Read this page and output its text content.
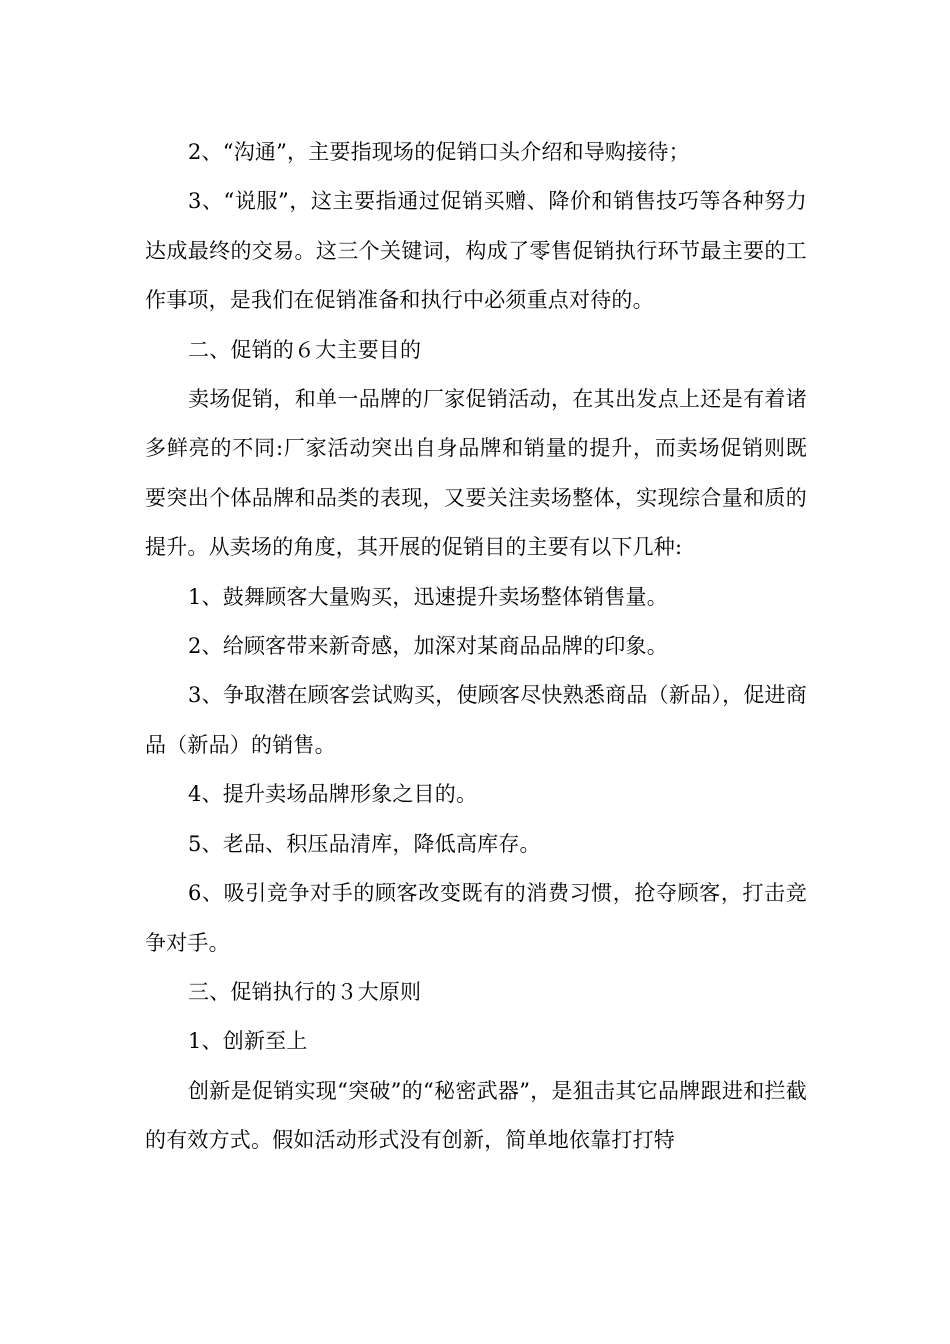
2、“沟通”，主要指现场的促销口头介绍和导购接待；

3、“说服”，这主要指通过促销买赠、降价和销售技巧等各种努力达成最终的交易。这三个关键词，构成了零售促销执行环节最主要的工作事项，是我们在促销准备和执行中必须重点对待的。

二、促销的６大主要目的

卖场促销，和单一品牌的厂家促销活动，在其出发点上还是有着诸多鲜亮的不同:厂家活动突出自身品牌和销量的提升，而卖场促销则既要突出个体品牌和品类的表现，又要关注卖场整体，实现综合量和质的提升。从卖场的角度，其开展的促销目的主要有以下几种:

1、鼓舞顾客大量购买，迅速提升卖场整体销售量。

2、给顾客带来新奇感，加深对某商品品牌的印象。

3、争取潜在顾客尝试购买，使顾客尽快熟悉商品（新品），促进商品（新品）的销售。

4、提升卖场品牌形象之目的。

5、老品、积压品清库，降低高库存。

6、吸引竞争对手的顾客改变既有的消费习惯，抢夺顾客，打击竞争对手。

三、促销执行的３大原则

1、创新至上

创新是促销实现“突破”的“秘密武器”，是狙击其它品牌跟进和拦截的有效方式。假如活动形式没有创新，简单地依靠打打特
